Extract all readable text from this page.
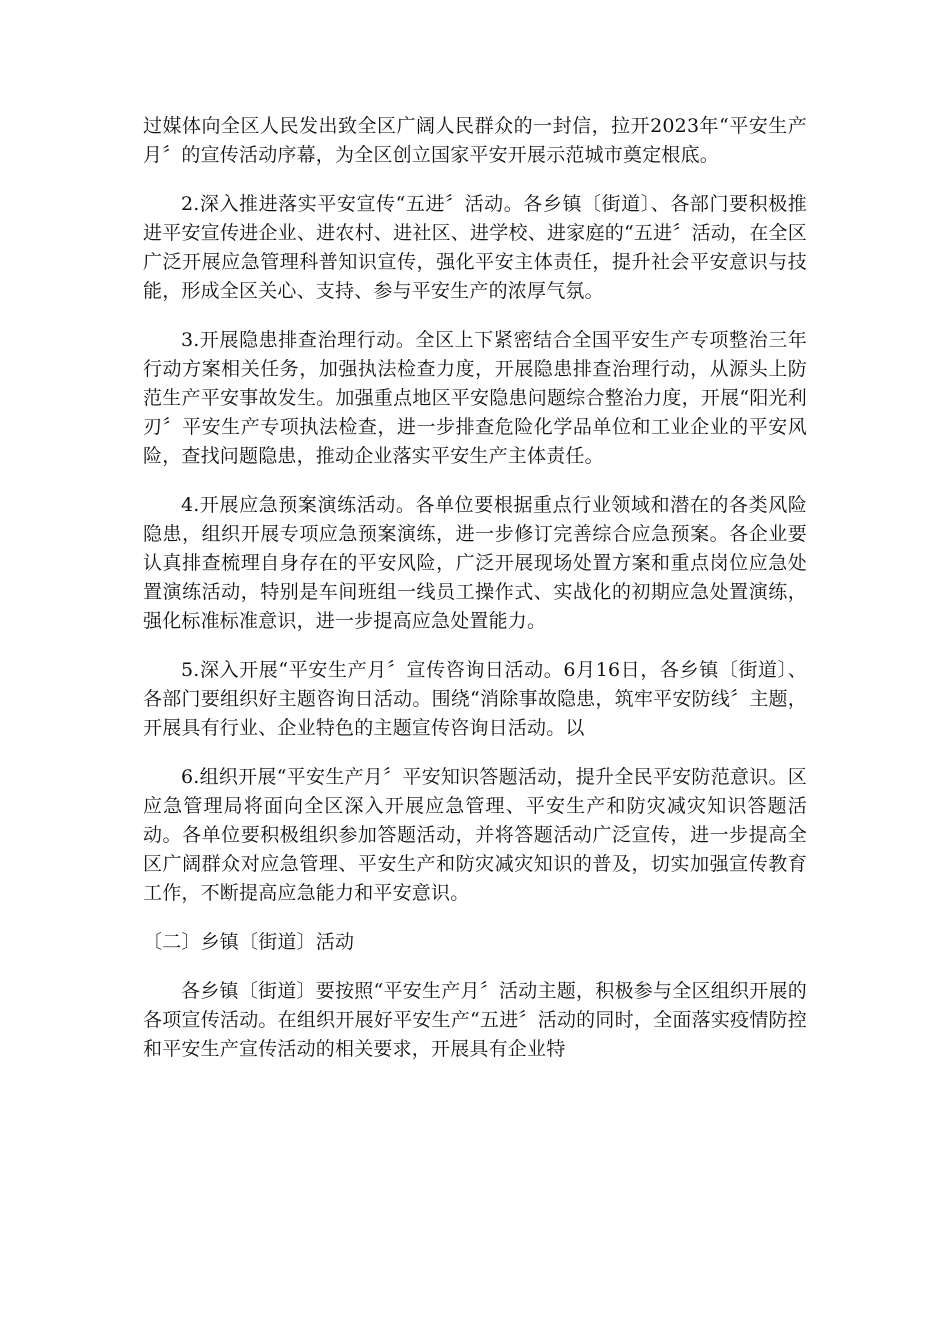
过媒体向全区人民发出致全区广阔人民群众的一封信，拉开2023年“平安生产月〞的宣传活动序幕，为全区创立国家平安开展示范城市奠定根底。

2.深入推进落实平安宣传“五进〞活动。各乡镇〔街道〕、各部门要积极推进平安宣传进企业、进农村、进社区、进学校、进家庭的“五进〞活动，在全区广泛开展应急管理科普知识宣传，强化平安主体责任，提升社会平安意识与技能，形成全区关心、支持、参与平安生产的浓厚气氛。

3.开展隐患排查治理行动。全区上下紧密结合全国平安生产专项整治三年行动方案相关任务，加强执法检查力度，开展隐患排查治理行动，从源头上防范生产平安事故发生。加强重点地区平安隐患问题综合整治力度，开展“阳光利刃〞平安生产专项执法检查，进一步排查危险化学品单位和工业企业的平安风险，查找问题隐患，推动企业落实平安生产主体责任。

4.开展应急预案演练活动。各单位要根据重点行业领域和潜在的各类风险隐患，组织开展专项应急预案演练，进一步修订完善综合应急预案。各企业要认真排查梳理自身存在的平安风险，广泛开展现场处置方案和重点岗位应急处置演练活动，特别是车间班组一线员工操作式、实战化的初期应急处置演练，强化标准标准意识，进一步提高应急处置能力。

5.深入开展“平安生产月〞宣传咨询日活动。6月16日，各乡镇〔街道〕、各部门要组织好主题咨询日活动。围绕“消除事故隐患，筑牢平安防线〞主题，开展具有行业、企业特色的主题宣传咨询日活动。以

6.组织开展“平安生产月〞平安知识答题活动，提升全民平安防范意识。区应急管理局将面向全区深入开展应急管理、平安生产和防灾减灾知识答题活动。各单位要积极组织参加答题活动，并将答题活动广泛宣传，进一步提高全区广阔群众对应急管理、平安生产和防灾减灾知识的普及，切实加强宣传教育工作，不断提高应急能力和平安意识。

〔二〕乡镇〔街道〕活动

各乡镇〔街道〕要按照“平安生产月〞活动主题，积极参与全区组织开展的各项宣传活动。在组织开展好平安生产“五进〞活动的同时，全面落实疫情防控和平安生产宣传活动的相关要求，开展具有企业特
